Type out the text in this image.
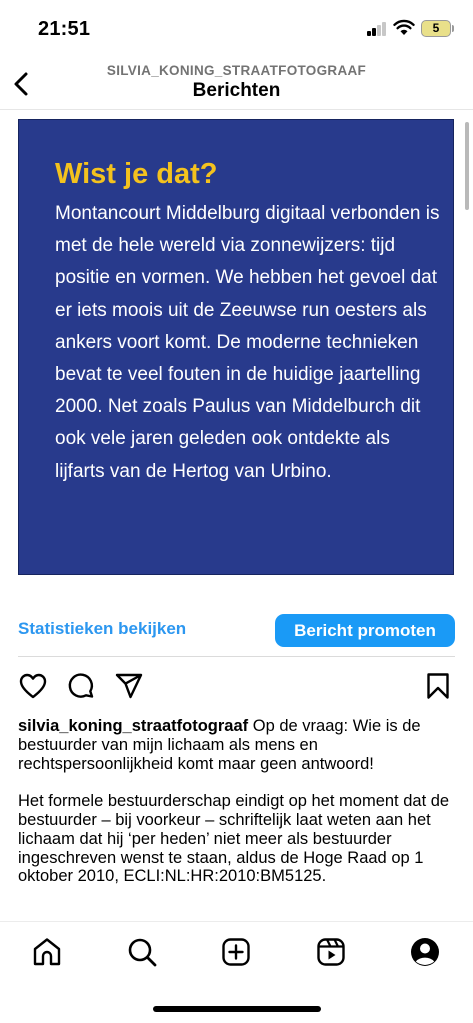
21:51	5
SILVIA_KONING_STRAATFOTOGRAAF
Berichten
Wist je dat?
Montancourt Middelburg digitaal verbonden is met de hele wereld via zonnewijzers: tijd positie en vormen. We hebben het gevoel dat er iets moois uit de Zeeuwse run oesters als ankers voort komt. De moderne technieken bevat te veel fouten in de huidige jaartelling 2000. Net zoals Paulus van Middelburch dit ook vele jaren geleden ook ontdekte als lijfarts van de Hertog van Urbino.
Statistieken bekijken	Bericht promoten

silvia_koning_straatfotograaf Op de vraag: Wie is de bestuurder van mijn lichaam als mens en rechtspersoonlijkheid komt maar geen antwoord!

Het formele bestuurderschap eindigt op het moment dat de bestuurder – bij voorkeur – schriftelijk laat weten aan het lichaam dat hij ‘per heden’ niet meer als bestuurder ingeschreven wenst te staan, aldus de Hoge Raad op 1 oktober 2010, ECLI:NL:HR:2010:BM5125.
